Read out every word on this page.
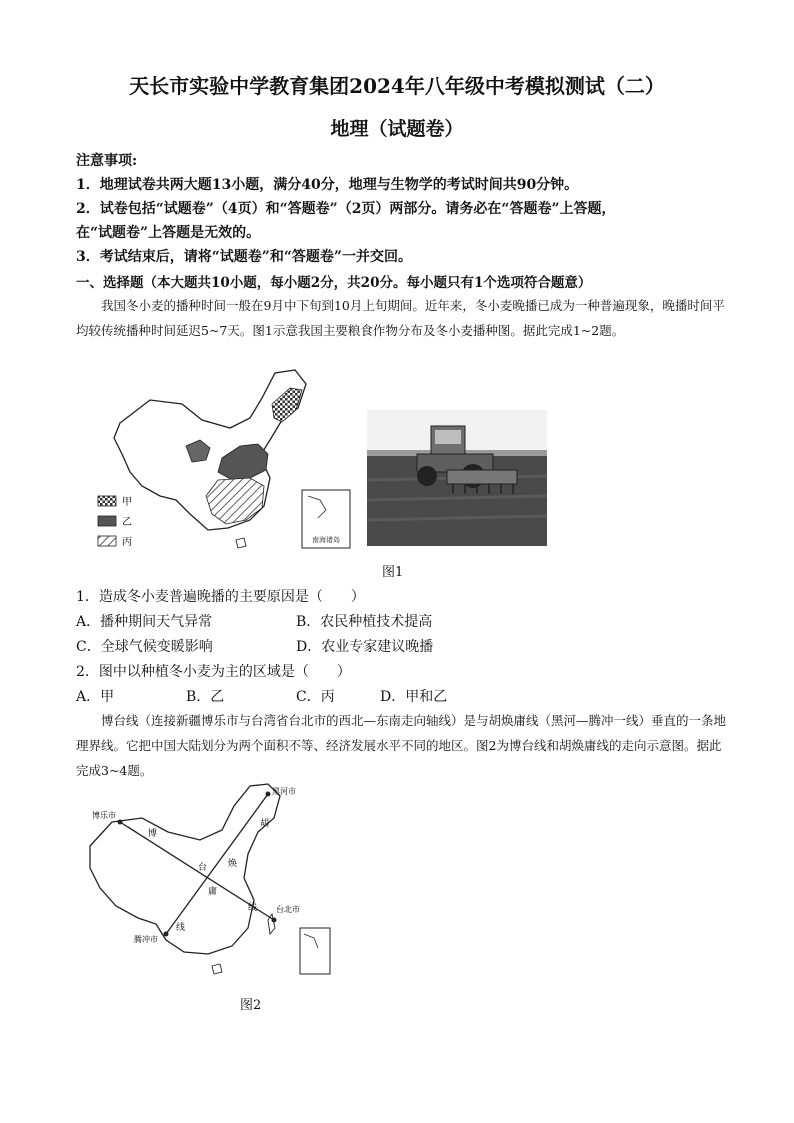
天长市实验中学教育集团2024年八年级中考模拟测试（二）
地理（试题卷）
注意事项:
1．地理试卷共两大题13小题，满分40分，地理与生物学的考试时间共90分钟。
2．试卷包括“试题卷”（4页）和“答题卷”（2页）两部分。请务必在“答题卷”上答题，
在“试题卷”上答题是无效的。
3．考试结束后，请将“试题卷”和“答题卷”一并交回。
一、选择题（本大题共10小题，每小题2分，共20分。每小题只有1个选项符合题意）
我国冬小麦的播种时间一般在9月中下旬到10月上旬期间。近年来，冬小麦晚播已成为一种普遍现象，晚播时间平均较传统播种时间延迟5~7天。图1示意我国主要粮食作物分布及冬小麦播种图。据此完成1~2题。
南海诸岛
甲
乙
丙
图1
1．造成冬小麦普遍晚播的主要原因是（　　）
A．播种期间天气异常	B．农民种植技术提高
C．全球气候变暖影响	D．农业专家建议晚播
2．图中以种植冬小麦为主的区域是（　　）
A．甲	B．乙	C．丙	D．甲和乙
博台线（连接新疆博乐市与台湾省台北市的西北—东南走向轴线）是与胡焕庸线（黑河—腾冲一线）垂直的一条地理界线。它把中国大陆划分为两个面积不等、经济发展水平不同的地区。图2为博台线和胡焕庸线的走向示意图。据此完成3~4题。
博乐市
黑河市
腾冲市
台北市
博
台
线
胡
焕
庸
线
图2
